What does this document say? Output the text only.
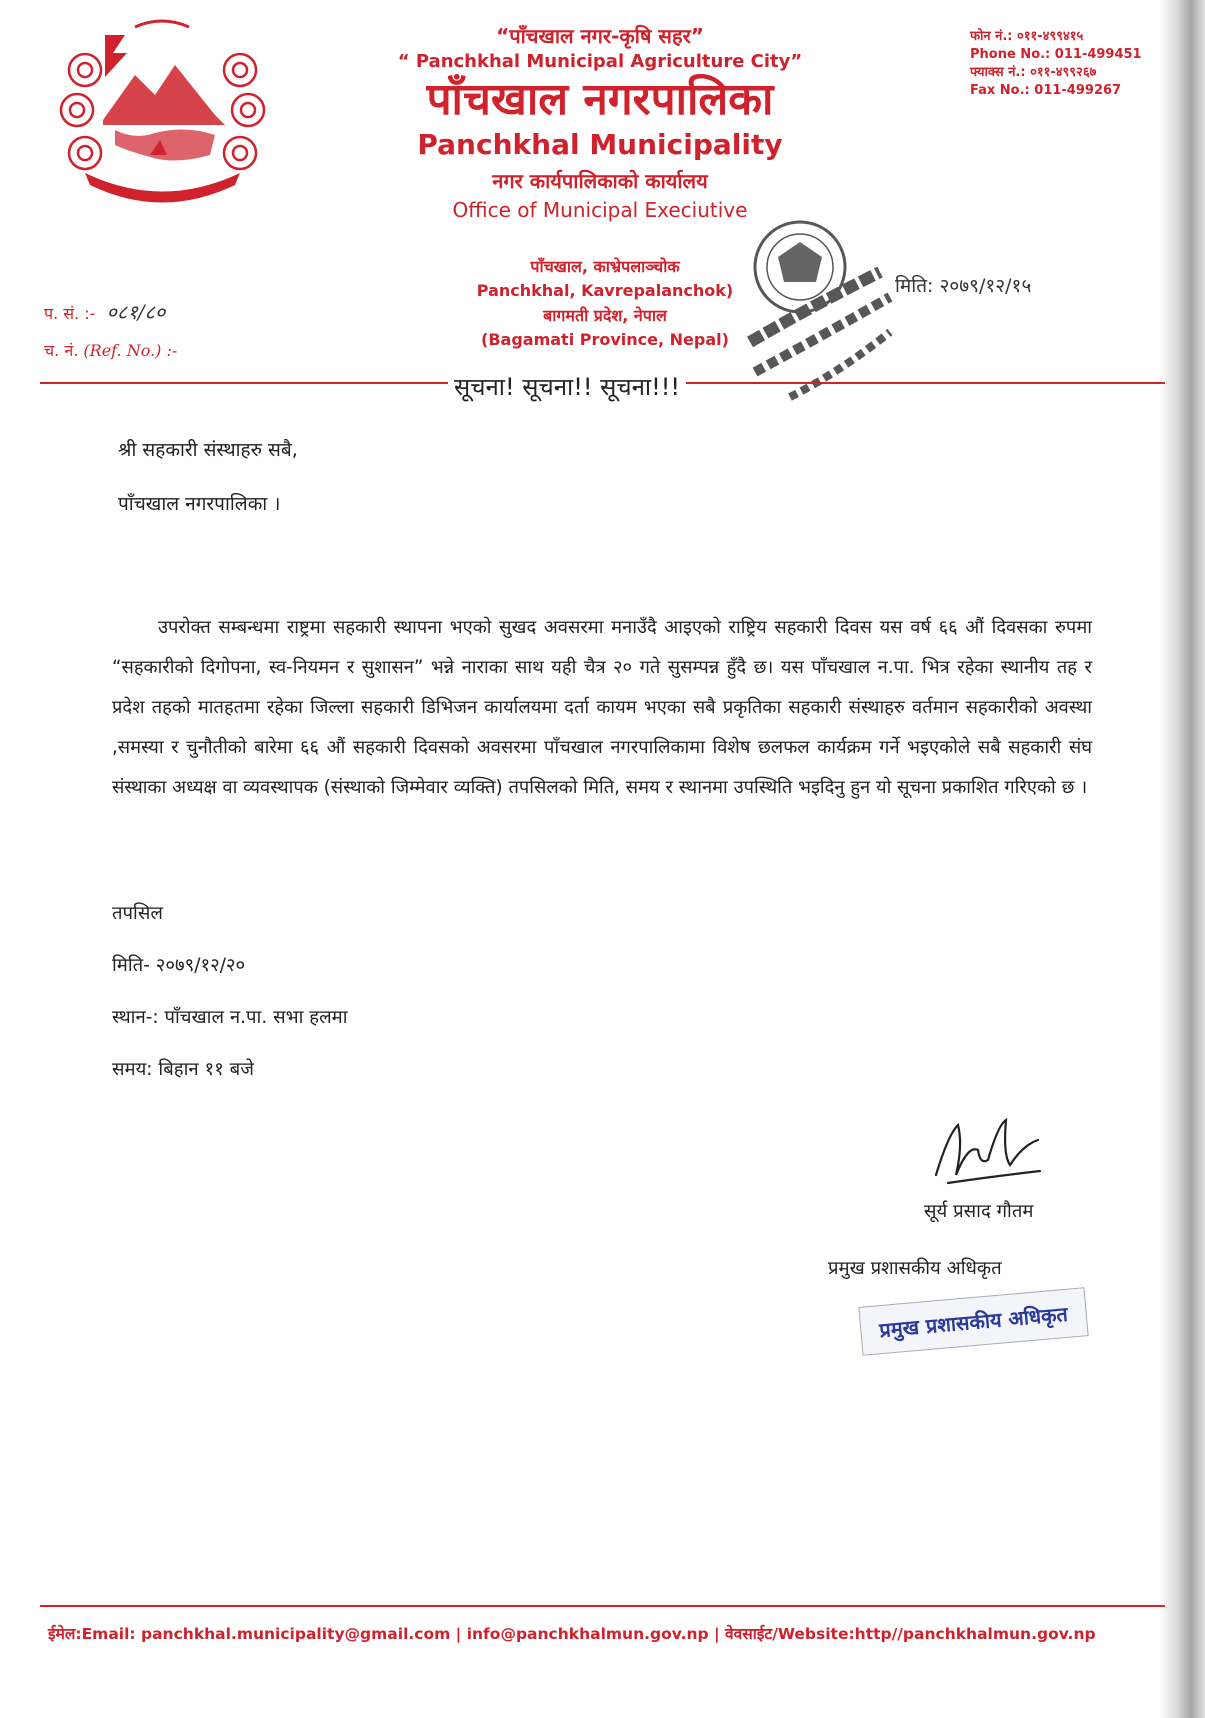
“पाँचखाल नगर-कृषि सहर”
“ Panchkhal Municipal Agriculture City”
पाँचखाल नगरपालिका
Panchkhal Municipality
नगर कार्यपालिकाको कार्यालय
Office of Municipal Execiutive
पाँचखाल, काभ्रेपलाञ्चोक
Panchkhal, Kavrepalanchok)
बागमती प्रदेश, नेपाल
(Bagamati Province, Nepal)
फोन नं.: ०११-४९९४१५
Phone No.: 011-499451
फ्याक्स नं.: ०११-४९९२६७
Fax No.: 011-499267
प. सं. :- ०८१/८०
च. नं. (Ref. No.) :-
मिति: २०७९/१२/१५
सूचना! सूचना!! सूचना!!!
श्री सहकारी संस्थाहरु सबै,
पाँचखाल नगरपालिका ।
उपरोक्त सम्बन्धमा राष्ट्रमा सहकारी स्थापना भएको सुखद अवसरमा मनाउँदै आइएको राष्ट्रिय सहकारी दिवस यस वर्ष ६६ औं दिवसका रुपमा “सहकारीको दिगोपना, स्व-नियमन र सुशासन” भन्ने नाराका साथ यही चैत्र २० गते सुसम्पन्न हुँदै छ। यस पाँचखाल न.पा. भित्र रहेका स्थानीय तह र प्रदेश तहको मातहतमा रहेका जिल्ला सहकारी डिभिजन कार्यालयमा दर्ता कायम भएका सबै प्रकृतिका सहकारी संस्थाहरु वर्तमान सहकारीको अवस्था ,समस्या र चुनौतीको बारेमा ६६ औं सहकारी दिवसको अवसरमा पाँचखाल नगरपालिकामा विशेष छलफल कार्यक्रम गर्ने भइएकोले सबै सहकारी संघ संस्थाका अध्यक्ष वा व्यवस्थापक (संस्थाको जिम्मेवार व्यक्ति) तपसिलको मिति, समय र स्थानमा उपस्थिति भइदिनु हुन यो सूचना प्रकाशित गरिएको छ ।
तपसिल
मिति- २०७९/१२/२०
स्थान-: पाँचखाल न.पा. सभा हलमा
समय: बिहान ११ बजे
सूर्य प्रसाद गौतम
प्रमुख प्रशासकीय अधिकृत
प्रमुख प्रशासकीय अधिकृत
ईमेल:Email: panchkhal.municipality@gmail.com | info@panchkhalmun.gov.np | वेवसाईट/Website:http//panchkhalmun.gov.np
